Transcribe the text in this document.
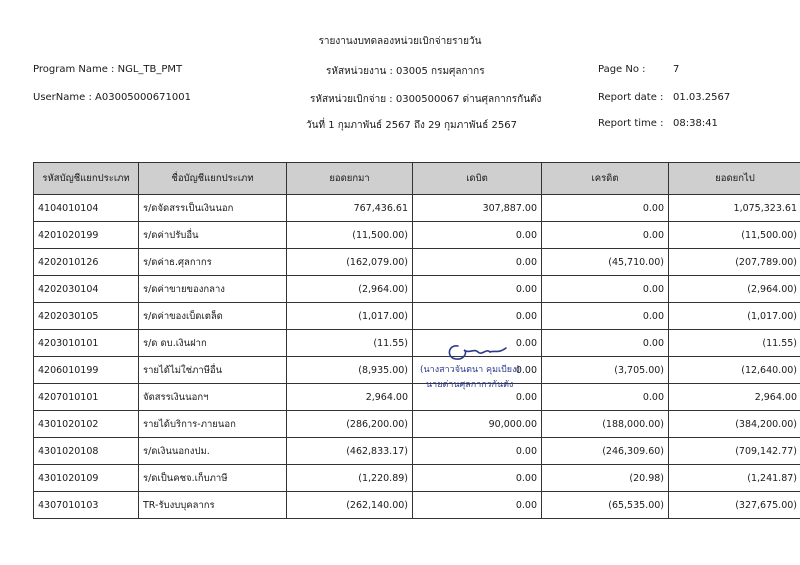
รายงานงบทดลองหน่วยเบิกจ่ายรายวัน
Program Name : NGL_TB_PMT	รหัสหน่วยงาน : 03005 กรมศุลกากร	Page No :	7
UserName : A03005000671001	รหัสหน่วยเบิกจ่าย : 0300500067 ด่านศุลกากรกันตัง	Report date : 01.03.2567
วันที่ 1 กุมภาพันธ์ 2567 ถึง 29 กุมภาพันธ์ 2567	Report time : 08:38:41
รหัสบัญชีแยกประเภท	ชื่อบัญชีแยกประเภท	ยอดยกมา	เดบิต	เครดิต	ยอดยกไป
4104010104	ร/ดจัดสรรเป็นเงินนอก	767,436.61	307,887.00	0.00	1,075,323.61
4201020199	ร/ดค่าปรับอื่น	(11,500.00)	0.00	0.00	(11,500.00)
4202010126	ร/ดค่าธ.ศุลกากร	(162,079.00)	0.00	(45,710.00)	(207,789.00)
4202030104	ร/ดค่าขายของกลาง	(2,964.00)	0.00	0.00	(2,964.00)
4202030105	ร/ดค่าของเบ็ดเตล็ด	(1,017.00)	0.00	0.00	(1,017.00)
4203010101	ร/ด ดบ.เงินฝาก	(11.55)	0.00	0.00	(11.55)
4206010199	รายได้ไม่ใช่ภาษีอื่น	(8,935.00)	0.00	(3,705.00)	(12,640.00)
4207010101	จัดสรรเงินนอกฯ	2,964.00	0.00	0.00	2,964.00
4301020102	รายได้บริการ-ภายนอก	(286,200.00)	90,000.00	(188,000.00)	(384,200.00)
4301020108	ร/ดเงินนอกงปม.	(462,833.17)	0.00	(246,309.60)	(709,142.77)
4301020109	ร/ดเป็นคชจ.เก็บภาษี	(1,220.89)	0.00	(20.98)	(1,241.87)
4307010103	TR-รับงบบุคลากร	(262,140.00)	0.00	(65,535.00)	(327,675.00)
(นางสาวจันตนา คุมเบียง)
นายด่านศุลกากรกันตัง
